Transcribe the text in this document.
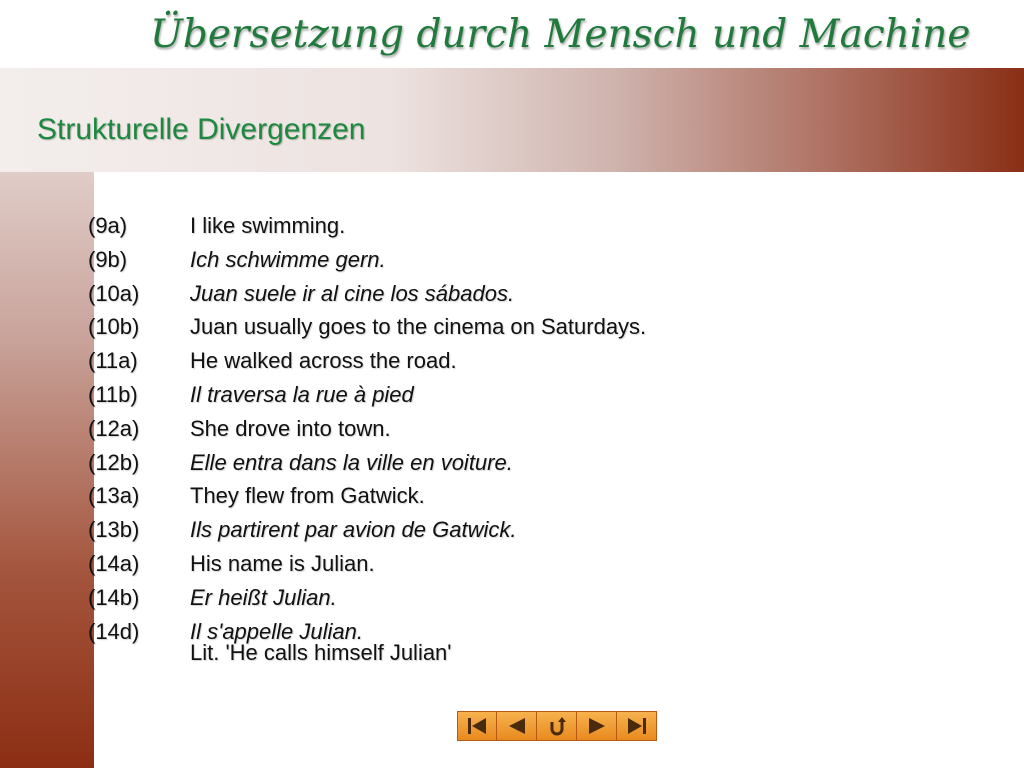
Übersetzung durch Mensch und Machine
Strukturelle Divergenzen
(9a)	I like swimming.
(9b)	Ich schwimme gern.
(10a)	Juan suele ir al cine los sábados.
(10b)	Juan usually goes to the cinema on Saturdays.
(11a)	He walked across the road.
(11b)	Il traversa la rue à pied
(12a)	She drove into town.
(12b)	Elle entra dans la ville en voiture.
(13a)	They flew from Gatwick.
(13b)	Ils partirent par avion de Gatwick.
(14a)	His name is Julian.
(14b)	Er heißt Julian.
(14d)	Il s'appelle Julian.
Lit. 'He calls himself Julian'
